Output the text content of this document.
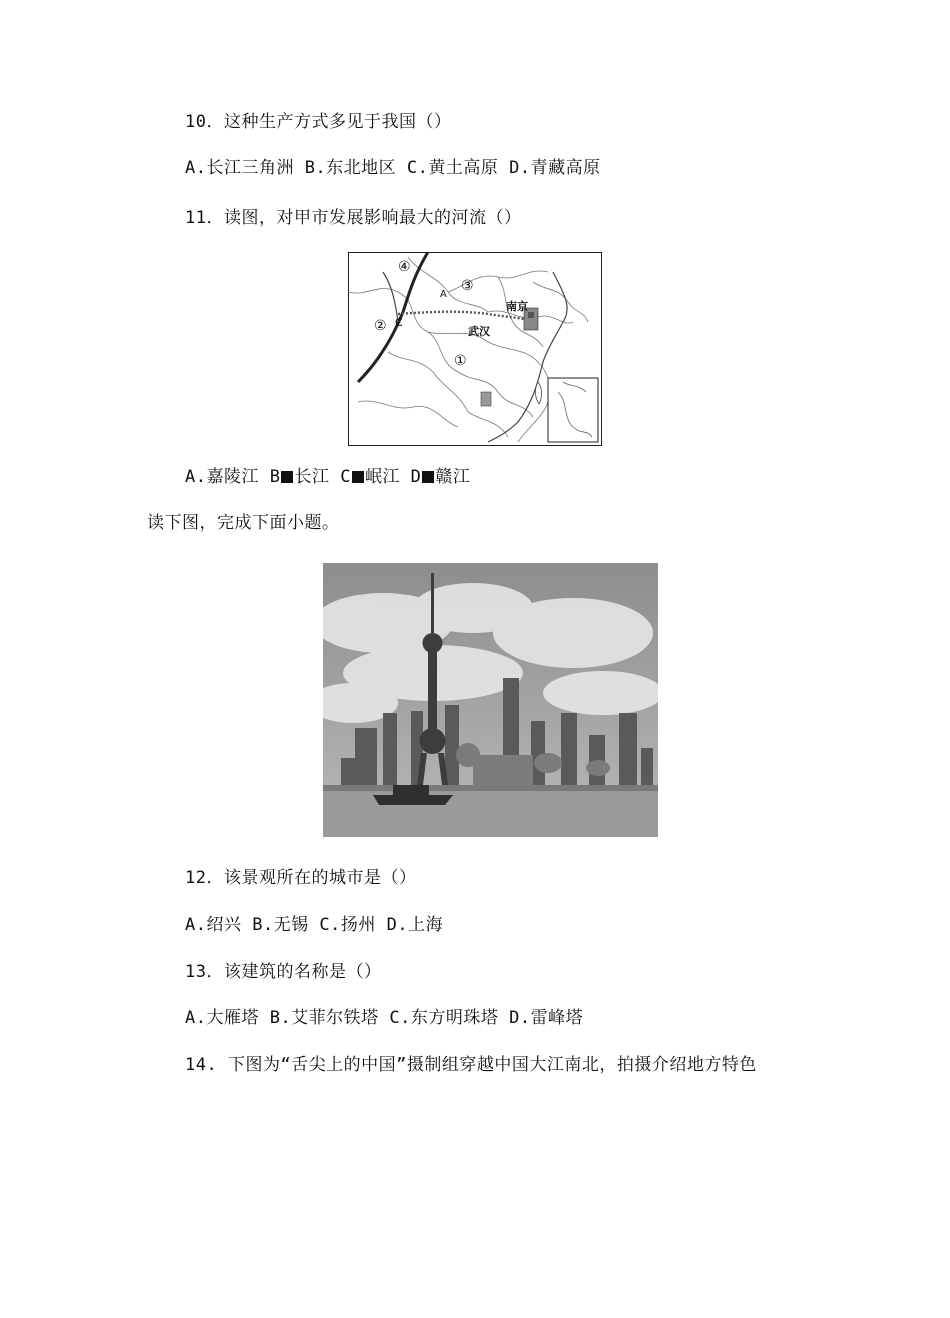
10．这种生产方式多见于我国（）
A.长江三角洲 B.东北地区 C.黄土高原 D.青藏高原
11．读图，对甲市发展影响最大的河流（）
④
③
②
①
A
C
南京
武汉
A.嘉陵江 B 长江 C 岷江 D 赣江
读下图，完成下面小题。
12．该景观所在的城市是（）
A.绍兴 B.无锡 C.扬州 D.上海
13．该建筑的名称是（）
A.大雁塔 B.艾菲尔铁塔 C.东方明珠塔 D.雷峰塔
14. 下图为“舌尖上的中国”摄制组穿越中国大江南北，拍摄介绍地方特色
